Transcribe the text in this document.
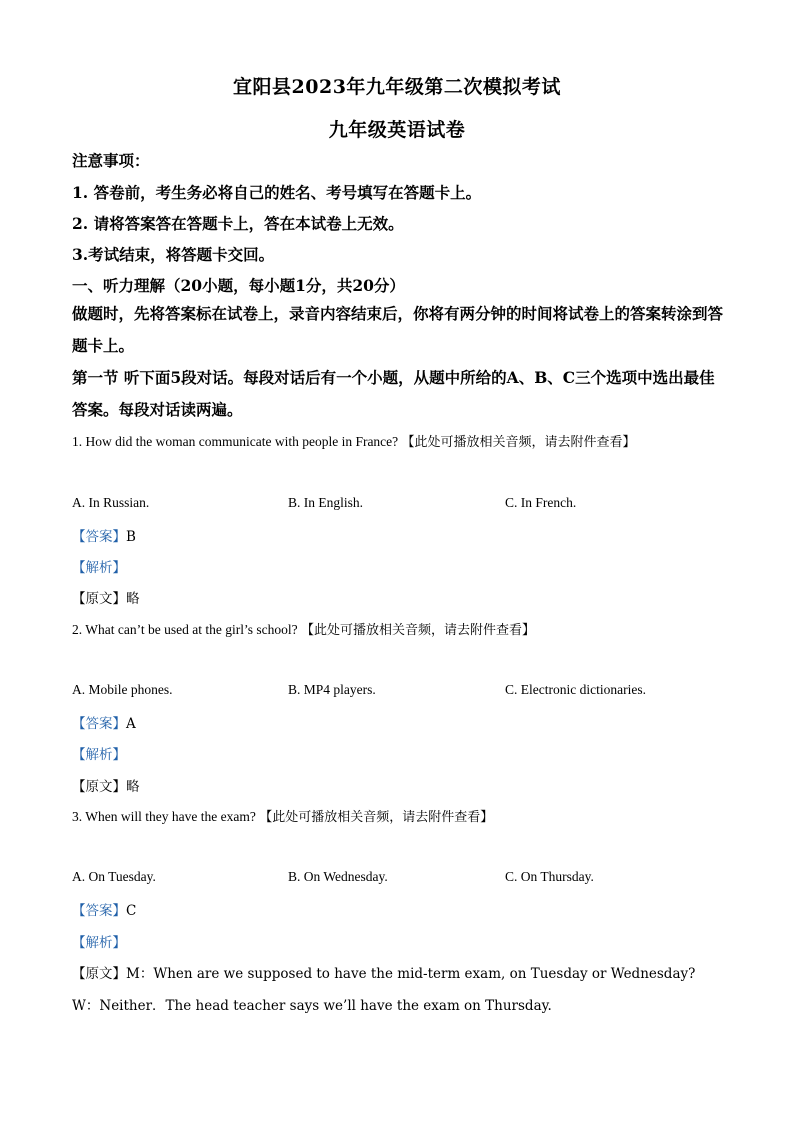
宜阳县2023年九年级第二次模拟考试
九年级英语试卷
注意事项：
1. 答卷前，考生务必将自己的姓名、考号填写在答题卡上。
2. 请将答案答在答题卡上，答在本试卷上无效。
3.考试结束，将答题卡交回。
一、听力理解（20小题，每小题1分，共20分）
做题时，先将答案标在试卷上，录音内容结束后，你将有两分钟的时间将试卷上的答案转涂到答题卡上。
第一节 听下面5段对话。每段对话后有一个小题，从题中所给的A、B、C三个选项中选出最佳答案。每段对话读两遍。
1. How did the woman communicate with people in France? 【此处可播放相关音频，请去附件查看】
A. In Russian.	B. In English.	C. In French.
【答案】B
【解析】
【原文】略
2. What can’t be used at the girl’s school? 【此处可播放相关音频，请去附件查看】
A. Mobile phones.	B. MP4 players.	C. Electronic dictionaries.
【答案】A
【解析】
【原文】略
3. When will they have the exam? 【此处可播放相关音频，请去附件查看】
A. On Tuesday.	B. On Wednesday.	C. On Thursday.
【答案】C
【解析】
【原文】M：When are we supposed to have the mid-term exam, on Tuesday or Wednesday?
W：Neither．The head teacher says we’ll have the exam on Thursday.
